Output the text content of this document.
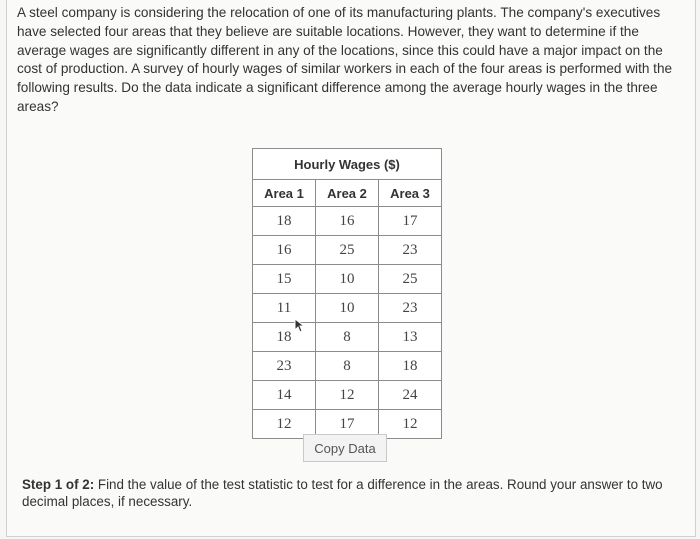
A steel company is considering the relocation of one of its manufacturing plants. The company's executives have selected four areas that they believe are suitable locations. However, they want to determine if the average wages are significantly different in any of the locations, since this could have a major impact on the cost of production. A survey of hourly wages of similar workers in each of the four areas is performed with the following results. Do the data indicate a significant difference among the average hourly wages in the three areas?
Hourly Wages ($)		
Area 1	Area 2	Area 3
18	16	17
16	25	23
15	10	25
11	10	23
18	8	13
23	8	18
14	12	24
12	17	12
Copy Data
Step 1 of 2: Find the value of the test statistic to test for a difference in the areas. Round your answer to two decimal places, if necessary.
